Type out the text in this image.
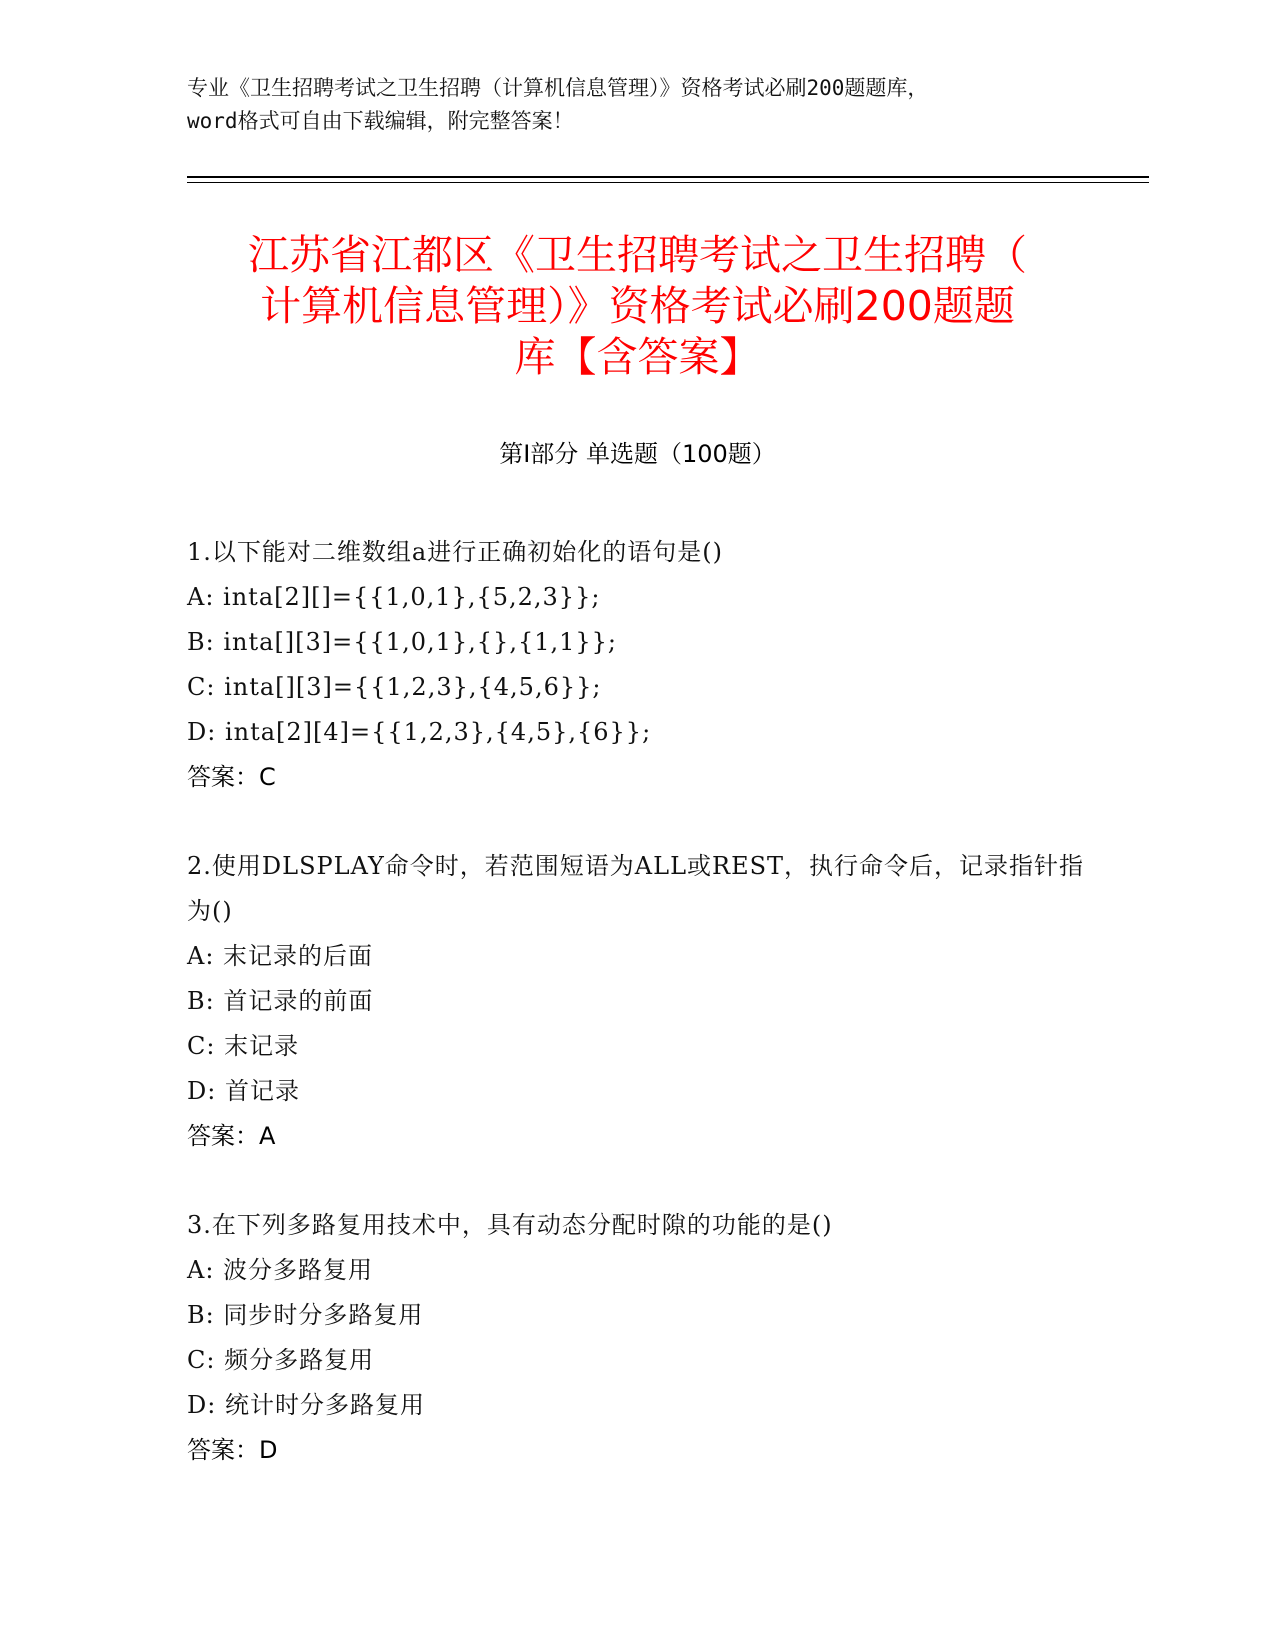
专业《卫生招聘考试之卫生招聘（计算机信息管理）》资格考试必刷200题题库，
word格式可自由下载编辑，附完整答案！
江苏省江都区《卫生招聘考试之卫生招聘（
计算机信息管理）》资格考试必刷200题题
库【含答案】
第I部分 单选题（100题）
1.以下能对二维数组a进行正确初始化的语句是()
A: inta[2][]={{1,0,1},{5,2,3}};
B: inta[][3]={{1,0,1},{},{1,1}};
C: inta[][3]={{1,2,3},{4,5,6}};
D: inta[2][4]={{1,2,3},{4,5},{6}};
答案：C
2.使用DLSPLAY命令时，若范围短语为ALL或REST，执行命令后，记录指针指为()
A: 末记录的后面
B: 首记录的前面
C: 末记录
D: 首记录
答案：A
3.在下列多路复用技术中，具有动态分配时隙的功能的是()
A: 波分多路复用
B: 同步时分多路复用
C: 频分多路复用
D: 统计时分多路复用
答案：D
